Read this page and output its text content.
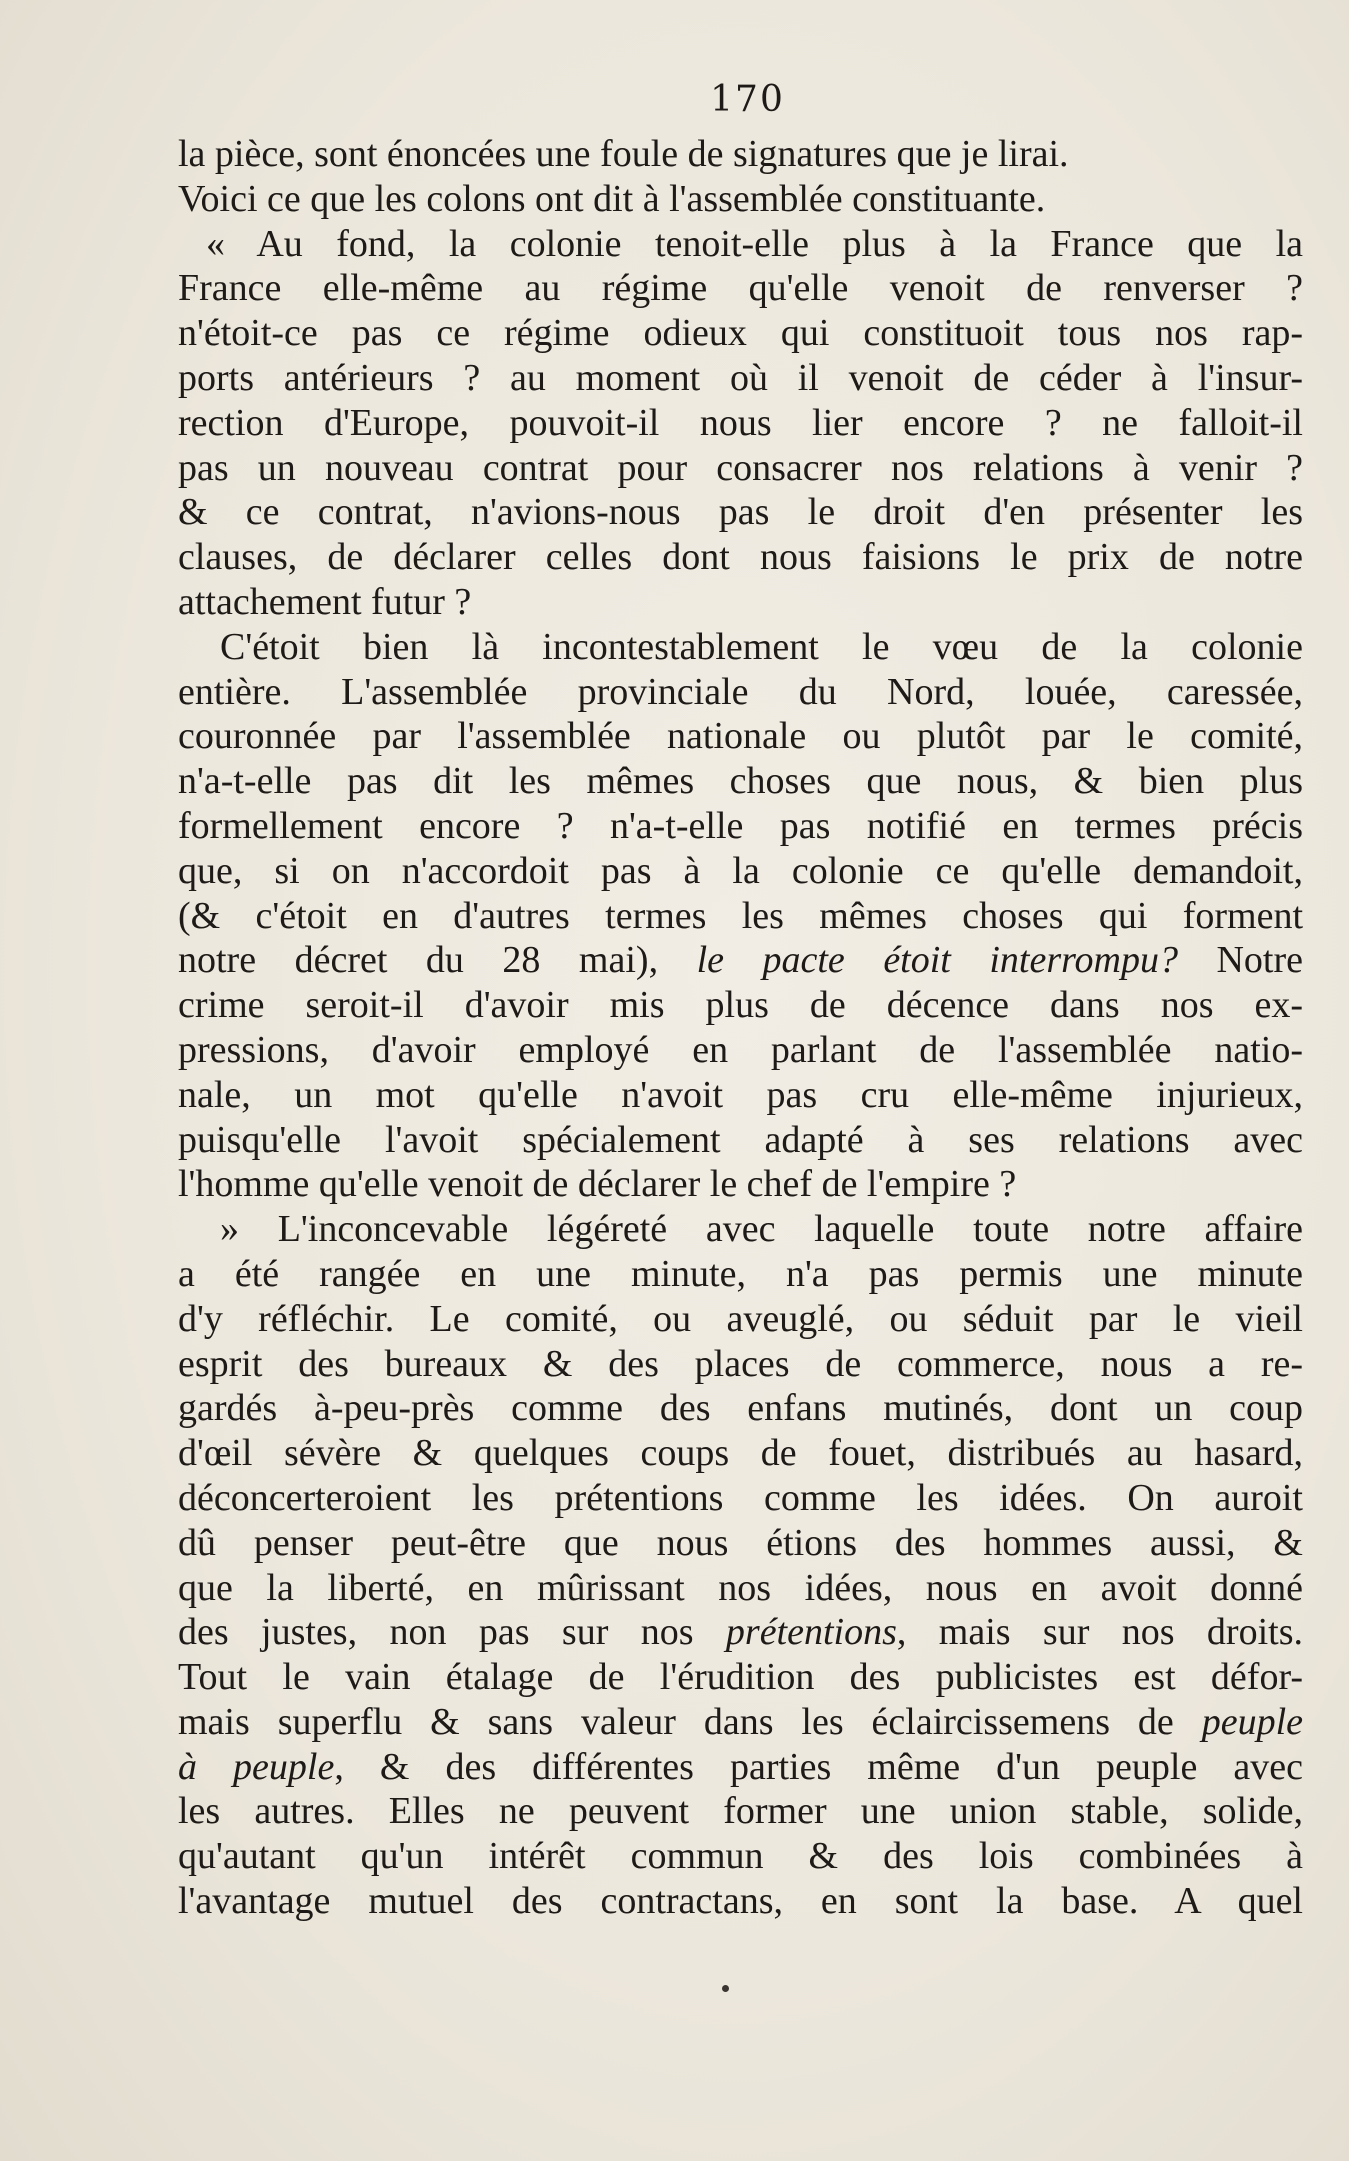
170
la pièce, sont énoncées une foule de signatures que je lirai.
Voici ce que les colons ont dit à l'assemblée constituante.
« Au fond, la colonie tenoit-elle plus à la France que la
France elle-même au régime qu'elle venoit de renverser ?
n'étoit-ce pas ce régime odieux qui constituoit tous nos rap-
ports antérieurs ? au moment où il venoit de céder à l'insur-
rection d'Europe, pouvoit-il nous lier encore ? ne falloit-il
pas un nouveau contrat pour consacrer nos relations à venir ?
& ce contrat, n'avions-nous pas le droit d'en présenter les
clauses, de déclarer celles dont nous faisions le prix de notre
attachement futur ?
C'étoit bien là incontestablement le vœu de la colonie
entière. L'assemblée provinciale du Nord, louée, caressée,
couronnée par l'assemblée nationale ou plutôt par le comité,
n'a-t-elle pas dit les mêmes choses que nous, & bien plus
formellement encore ? n'a-t-elle pas notifié en termes précis
que, si on n'accordoit pas à la colonie ce qu'elle demandoit,
(& c'étoit en d'autres termes les mêmes choses qui forment
notre décret du 28 mai), le pacte étoit interrompu? Notre
crime seroit-il d'avoir mis plus de décence dans nos ex-
pressions, d'avoir employé en parlant de l'assemblée natio-
nale, un mot qu'elle n'avoit pas cru elle-même injurieux,
puisqu'elle l'avoit spécialement adapté à ses relations avec
l'homme qu'elle venoit de déclarer le chef de l'empire ?
» L'inconcevable légéreté avec laquelle toute notre affaire
a été rangée en une minute, n'a pas permis une minute
d'y réfléchir. Le comité, ou aveuglé, ou séduit par le vieil
esprit des bureaux & des places de commerce, nous a re-
gardés à-peu-près comme des enfans mutinés, dont un coup
d'œil sévère & quelques coups de fouet, distribués au hasard,
déconcerteroient les prétentions comme les idées. On auroit
dû penser peut-être que nous étions des hommes aussi, &
que la liberté, en mûrissant nos idées, nous en avoit donné
des justes, non pas sur nos prétentions, mais sur nos droits.
Tout le vain étalage de l'érudition des publicistes est défor-
mais superflu & sans valeur dans les éclaircissemens de peuple
à peuple, & des différentes parties même d'un peuple avec
les autres. Elles ne peuvent former une union stable, solide,
qu'autant qu'un intérêt commun & des lois combinées à
l'avantage mutuel des contractans, en sont la base. A quel
